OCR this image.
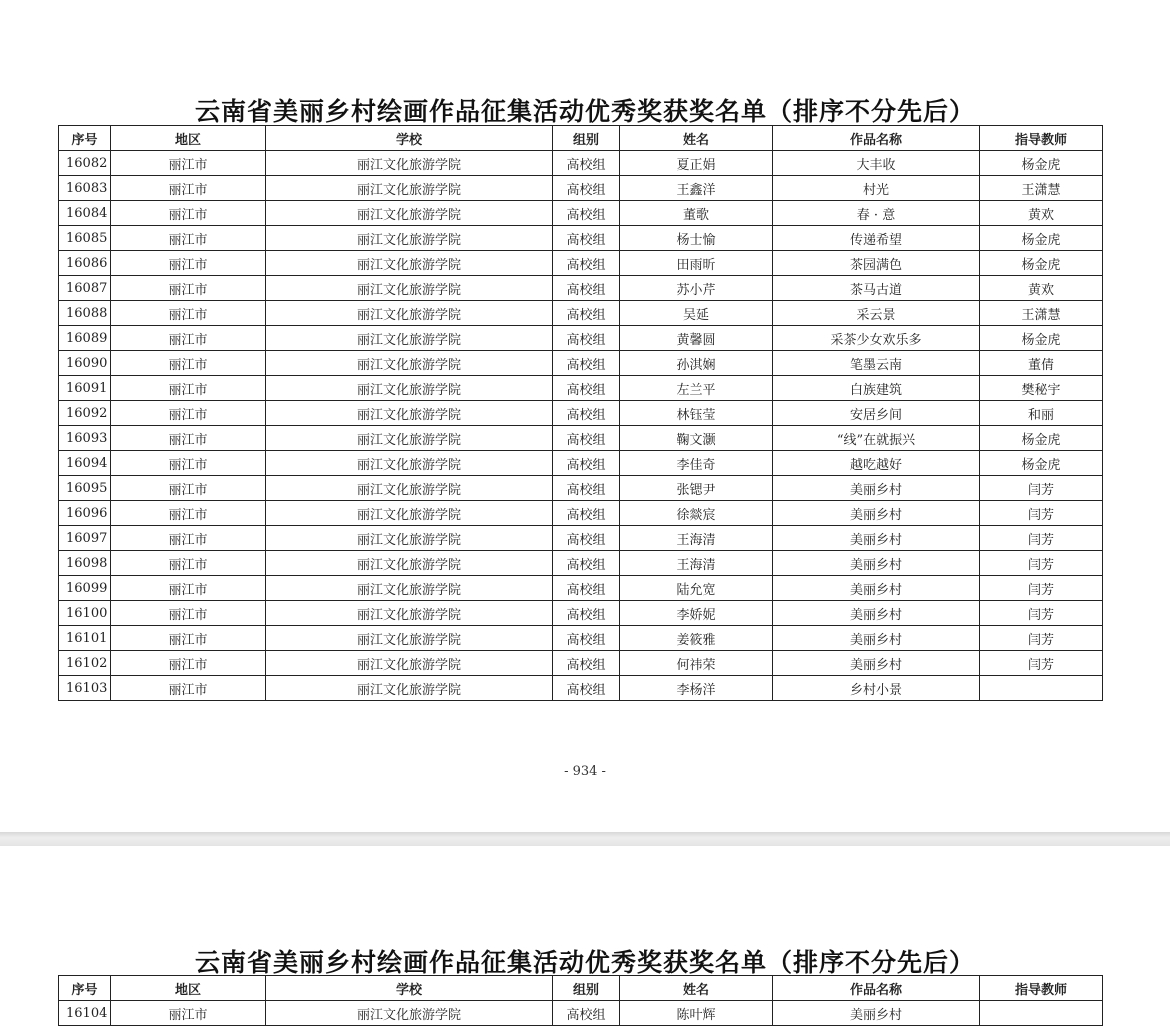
云南省美丽乡村绘画作品征集活动优秀奖获奖名单（排序不分先后）
序号	地区	学校	组别	姓名	作品名称	指导教师
16082	丽江市	丽江文化旅游学院	高校组	夏正娟	大丰收	杨金虎
16083	丽江市	丽江文化旅游学院	高校组	王鑫洋	村光	王潇慧
16084	丽江市	丽江文化旅游学院	高校组	董歌	春 · 意	黄欢
16085	丽江市	丽江文化旅游学院	高校组	杨士愉	传递希望	杨金虎
16086	丽江市	丽江文化旅游学院	高校组	田雨昕	茶园满色	杨金虎
16087	丽江市	丽江文化旅游学院	高校组	苏小芹	茶马古道	黄欢
16088	丽江市	丽江文化旅游学院	高校组	吴延	采云景	王潇慧
16089	丽江市	丽江文化旅游学院	高校组	黄馨圆	采茶少女欢乐多	杨金虎
16090	丽江市	丽江文化旅游学院	高校组	孙淇娴	笔墨云南	董倩
16091	丽江市	丽江文化旅游学院	高校组	左兰平	白族建筑	樊秘宇
16092	丽江市	丽江文化旅游学院	高校组	林钰莹	安居乡间	和丽
16093	丽江市	丽江文化旅游学院	高校组	鞠文灏	“线”在就振兴	杨金虎
16094	丽江市	丽江文化旅游学院	高校组	李佳奇	越吃越好	杨金虎
16095	丽江市	丽江文化旅游学院	高校组	张锶尹	美丽乡村	闫芳
16096	丽江市	丽江文化旅游学院	高校组	徐燚宸	美丽乡村	闫芳
16097	丽江市	丽江文化旅游学院	高校组	王海清	美丽乡村	闫芳
16098	丽江市	丽江文化旅游学院	高校组	王海清	美丽乡村	闫芳
16099	丽江市	丽江文化旅游学院	高校组	陆允宽	美丽乡村	闫芳
16100	丽江市	丽江文化旅游学院	高校组	李娇妮	美丽乡村	闫芳
16101	丽江市	丽江文化旅游学院	高校组	姜筱雅	美丽乡村	闫芳
16102	丽江市	丽江文化旅游学院	高校组	何祎荣	美丽乡村	闫芳
16103	丽江市	丽江文化旅游学院	高校组	李杨洋	乡村小景	
- 934 -
云南省美丽乡村绘画作品征集活动优秀奖获奖名单（排序不分先后）
序号	地区	学校	组别	姓名	作品名称	指导教师
16104	丽江市	丽江文化旅游学院	高校组	陈叶辉	美丽乡村	
